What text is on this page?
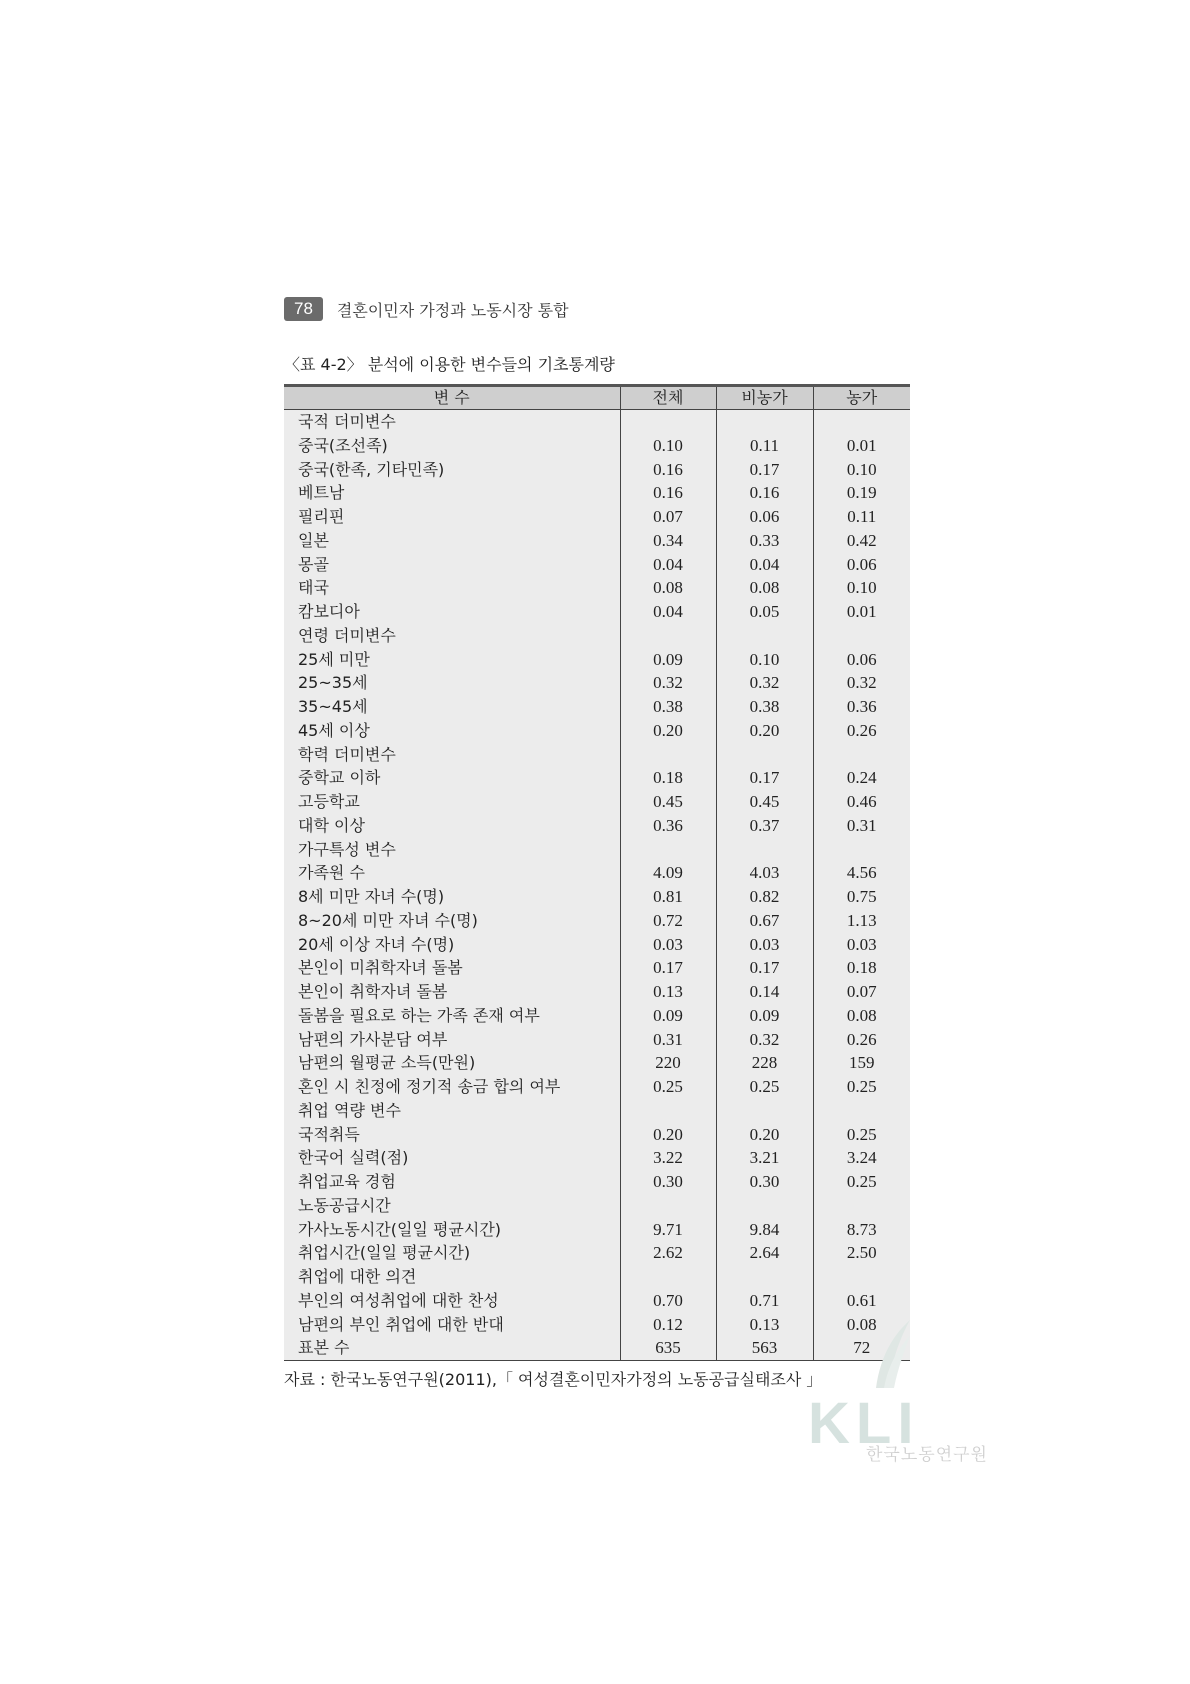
78	결혼이민자 가정과 노동시장 통합
〈표 4-2〉 분석에 이용한 변수들의 기초통계량
변 수	전체	비농가	농가
국적 더미변수			
중국(조선족)	0.10	0.11	0.01
중국(한족, 기타민족)	0.16	0.17	0.10
베트남	0.16	0.16	0.19
필리핀	0.07	0.06	0.11
일본	0.34	0.33	0.42
몽골	0.04	0.04	0.06
태국	0.08	0.08	0.10
캄보디아	0.04	0.05	0.01
연령 더미변수			
25세 미만	0.09	0.10	0.06
25~35세	0.32	0.32	0.32
35~45세	0.38	0.38	0.36
45세 이상	0.20	0.20	0.26
학력 더미변수			
중학교 이하	0.18	0.17	0.24
고등학교	0.45	0.45	0.46
대학 이상	0.36	0.37	0.31
가구특성 변수			
가족원 수	4.09	4.03	4.56
8세 미만 자녀 수(명)	0.81	0.82	0.75
8~20세 미만 자녀 수(명)	0.72	0.67	1.13
20세 이상 자녀 수(명)	0.03	0.03	0.03
본인이 미취학자녀 돌봄	0.17	0.17	0.18
본인이 취학자녀 돌봄	0.13	0.14	0.07
돌봄을 필요로 하는 가족 존재 여부	0.09	0.09	0.08
남편의 가사분담 여부	0.31	0.32	0.26
남편의 월평균 소득(만원)	220	228	159
혼인 시 친정에 정기적 송금 합의 여부	0.25	0.25	0.25
취업 역량 변수			
국적취득	0.20	0.20	0.25
한국어 실력(점)	3.22	3.21	3.24
취업교육 경험	0.30	0.30	0.25
노동공급시간			
가사노동시간(일일 평균시간)	9.71	9.84	8.73
취업시간(일일 평균시간)	2.62	2.64	2.50
취업에 대한 의견			
부인의 여성취업에 대한 찬성	0.70	0.71	0.61
남편의 부인 취업에 대한 반대	0.12	0.13	0.08
표본 수	635	563	72
자료 : 한국노동연구원(2011),「 여성결혼이민자가정의 노동공급실태조사 」
KLI
한국노동연구원
